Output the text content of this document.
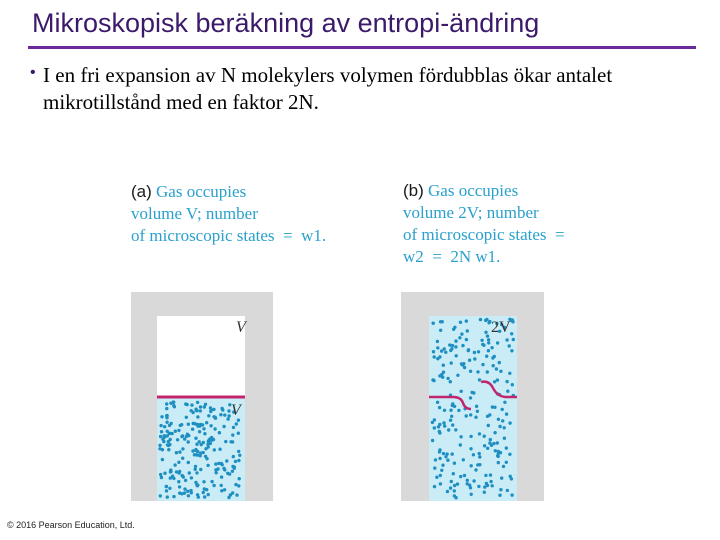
Mikroskopisk beräkning av entropi-ändring
• I en fri expansion av N molekylers volymen fördubblas ökar antalet mikrotillstånd med en faktor 2N.

(a) Gas occupies
volume V; number
of microscopic states  =  w1.
(b) Gas occupies
volume 2V; number
of microscopic states  =
w2  =  2N w1.
V
V
2V
© 2016 Pearson Education, Ltd.
